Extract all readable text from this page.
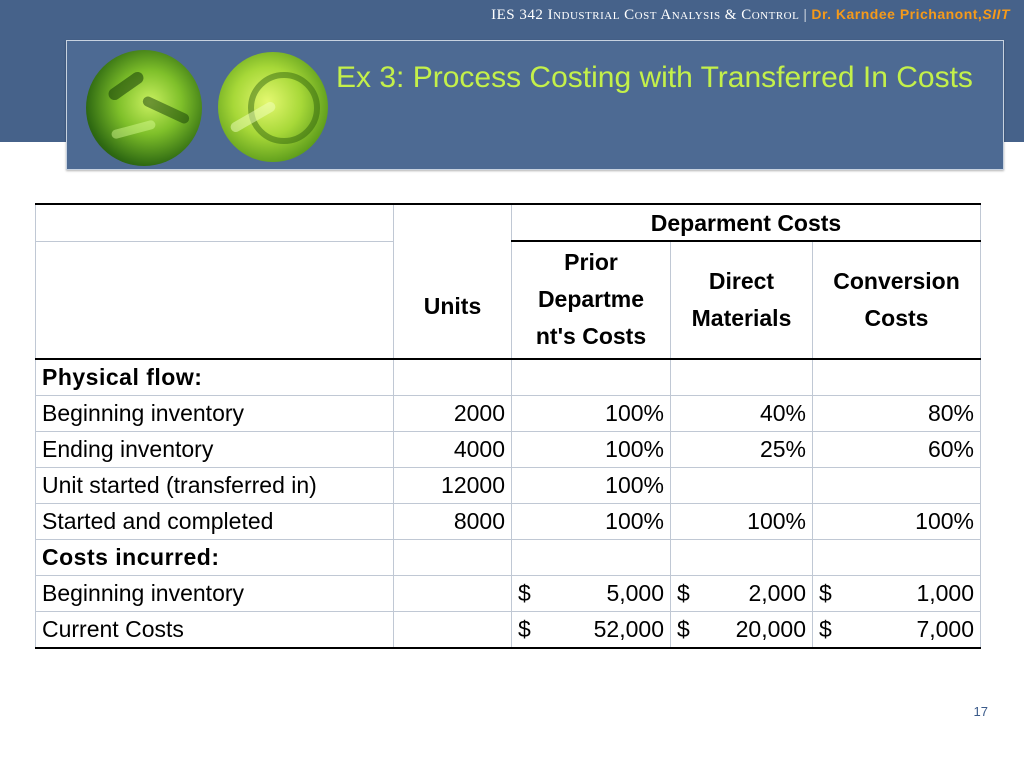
IES 342 Industrial Cost Analysis & Control | Dr. Karndee Prichanont,SIIT
Ex 3: Process Costing with Transferred In Costs
	Units	Deparment Costs		
		Prior Departme nt's Costs	Direct Materials	Conversion Costs
Physical flow:				
Beginning inventory	2000	100%	40%	80%
Ending inventory	4000	100%	25%	60%
Unit started (transferred in)	12000	100%		
Started and completed	8000	100%	100%	100%
Costs incurred:				
Beginning inventory		$ 5,000	$ 2,000	$ 1,000

Current Costs		$ 52,000	$ 20,000	$ 7,000
17
